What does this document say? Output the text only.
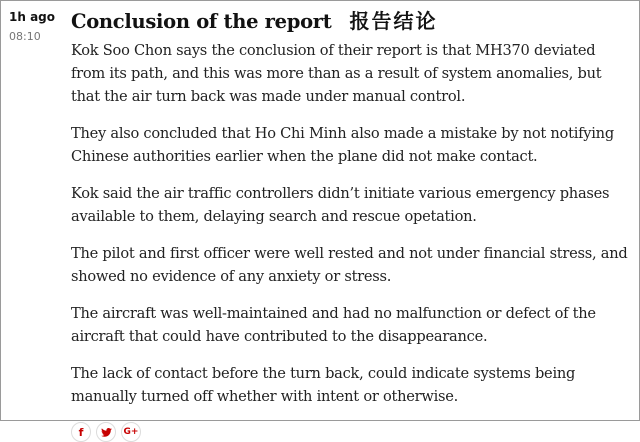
1h ago
08:10
Conclusion of the report 报告结论

Kok Soo Chon says the conclusion of their report is that MH370 deviated from its path, and this was more than as a result of system anomalies, but that the air turn back was made under manual control.

They also concluded that Ho Chi Minh also made a mistake by not notifying Chinese authorities earlier when the plane did not make contact.

Kok said the air traffic controllers didn’t initiate various emergency phases available to them, delaying search and rescue opetation.

The pilot and first officer were well rested and not under financial stress, and showed no evidence of any anxiety or stress.

The aircraft was well-maintained and had no malfunction or defect of the aircraft that could have contributed to the disappearance.

The lack of contact before the turn back, could indicate systems being manually turned off whether with intent or otherwise.

f	G+
